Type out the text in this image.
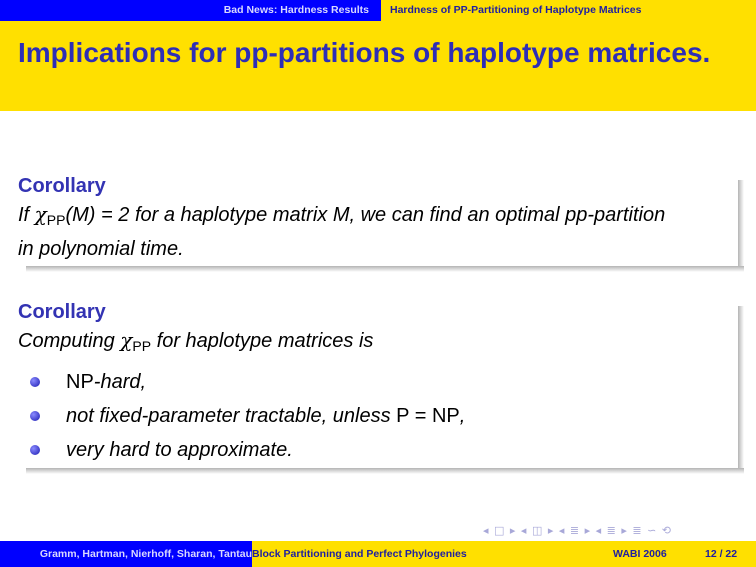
Bad News: Hardness Results	Hardness of PP-Partitioning of Haplotype Matrices
Implications for pp-partitions of haplotype matrices.
Corollary
If $\chi_{PP}(M) = 2$ for a haplotype matrix M, we can find an optimal pp-partition in polynomial time.
Corollary
Computing $\chi_{PP}$ for haplotype matrices is
NP-hard,
not fixed-parameter tractable, unless P = NP,
very hard to approximate.
◂ □ ▸ ◂ ◫ ▸ ◂ ≣ ▸ ◂ ≣ ▸ ≣ ∽ ⟲
Gramm, Hartman, Nierhoff, Sharan, Tantau Block Partitioning and Perfect Phylogenies	WABI 2006	12 / 22
